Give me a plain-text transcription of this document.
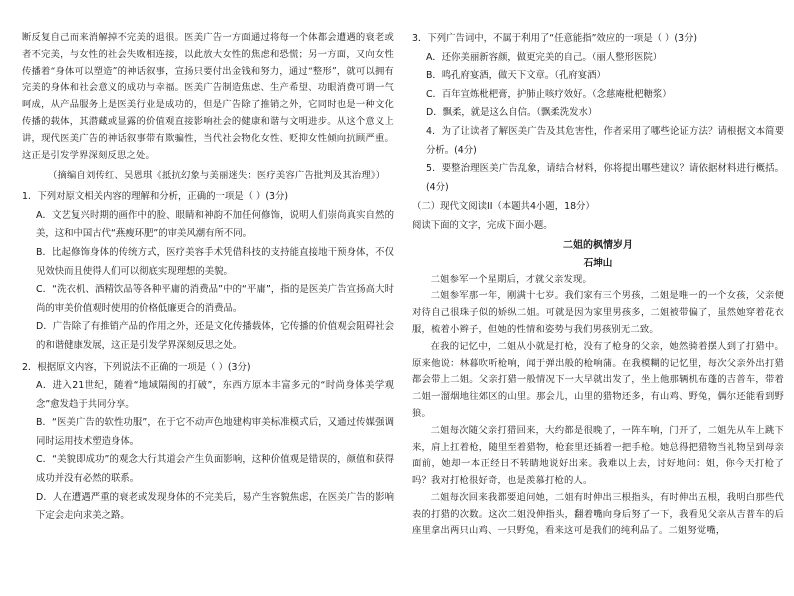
断反复自己而来消解掉不完美的退很。医美广告一方面通过将每一个体都会遭遇的衰老或者不完美，与女性的社会失败相连接，以此放大女性的焦虑和恐慌；另一方面，又向女性传播着“身体可以塑造”的神话叙事，宣扬只要付出金钱和努力，通过“整形”，就可以拥有完美的身体和社会意义的成功与幸福。医美广告制造焦虑、生产希望、功眼消费可谓一气呵成，从产品服务上是医美行业是成功的，但是广告除了推销之外，它同时也是一种文化传播的载体，其潜藏或显露的价值观直接影响社会的健康和谐与文明进步。从这个意义上讲，现代医美广告的神话叙事带有欺骗性，当代社会物化女性、贬抑女性倾向抗顾严重。这正是引发学界深刻反思之处。

（摘编自刘传红、吴恩琪《抵抗幻象与美丽迷失：医疗美容广告批判及其治理》）

1．下列对原文相关内容的理解和分析，正确的一项是（ ）(3分)

A．文艺复兴时期的画作中的脸、眼睛和神韵不加任何修饰，说明人们崇尚真实自然的美，这和中国古代“燕瘦环肥”的审美风潮有所不同。

B．比起修饰身体的传统方式，医疗美容手术凭借科技的支持能直接地干预身体，不仅见效快而且使得人们可以彻底实现理想的美貌。

C．“洗衣机、酒精饮品等各种平庸的消费品”中的“平庸”，指的是医美广告宣扬高大时尚的审美价值观时使用的价格低廉更合的消费品。

D．广告除了有推销产品的作用之外，还是文化传播载体，它传播的价值观会阻碍社会的和谐健康发展，这正是引发学界深刻反思之处。

2．根据原文内容，下列说法不正确的一项是（ ）(3分)

A．进入21世纪，随着“地域隔阂的打破”，东西方原本丰富多元的“时尚身体美学观念”愈发趋于共同分享。

B．“医美广告的软性功服”，在于它不动声色地建构审美标准模式后，又通过传媒强调同时运用技术塑造身体。

C．“美貌即成功”的观念大行其道会产生负面影响，这种价值观是错误的，颜值和获得成功并没有必然的联系。

D．人在遭遇严重的衰老或发现身体的不完美后，易产生容貌焦虑，在医美广告的影响下定会走向求美之路。

3．下列广告词中，不属于利用了“任意能指”效应的一项是（ ）(3分)

A．还你美丽新容颜，做更完美的自己。（丽人整形医院）

B．鸣孔府宴酒，做天下文章。（孔府宴酒）

C．百年宣炼枇杷膏，护肺止咳疗效好。（念慈庵枇杷糖浆）

D．飘柔，就是这么自信。（飘柔洗发水）

4．为了让读者了解医美广告及其危害性，作者采用了哪些论证方法？请根据文本简要分析。(4分)

5．要整治理医美广告乱象，请结合材料，你将提出哪些建议？请依据材料进行概括。(4分)

（二）现代文阅读II（本题共4小题，18分）

阅读下面的文字，完成下面小题。

二姐的枫情岁月

石坤山

二姐参军一个星期后，才就父亲发现。

二姐参军那一年，刚满十七岁。我们家有三个男孩，二姐是唯一的一个女孩，父亲便对待自己很珠子似的娇纵二姐。可就是因为家里男孩多，二姐被带偏了，虽然她穿着花衣服，梳着小辫子，但她的性情和姿势与我们男孩别无二致。

在我的记忆中，二姐从小就是打枪，没有了枪身的父亲，她然骑着摆人到了打猎中。原来他说：林暮吹听枪响，闻于弹出般的枪响蒲。在我模糊的记忆里，每次父亲外出打猎都会带上二姐。父亲打猎一般情况下一大早就出发了，坐上他那辆机布蓬的吉普车，带着二姐一溜烟地往郊区的山里。那会儿，山里的猎物还多，有山鸡、野兔，偶尔还能看到野狼。

二姐每次随父亲打猎回来，大约都是很晚了，一阵车响，门开了，二姐先从车上跳下来，肩上扛着枪，随里至着猎物，枪套里还插着一把手枪。她总得把猎物当礼物呈到母亲面前，她却一本正经日不转睛地说好出来。我难以上去，讨好地问：姐，你今天打枪了吗？我对打枪很好奇，也是羡慕打枪的人。

二姐每次回来我都要追问她，二姐有时伸出三根指头，有时伸出五根，我明白那些代表的打猎的次数。这次二姐没伸指头，翻着嘴向身后努了一下，我看见父亲从吉普车的后座里拿出两只山鸡、一只野兔，看来这可是我们的纯利品了。二姐努觉嘴，
